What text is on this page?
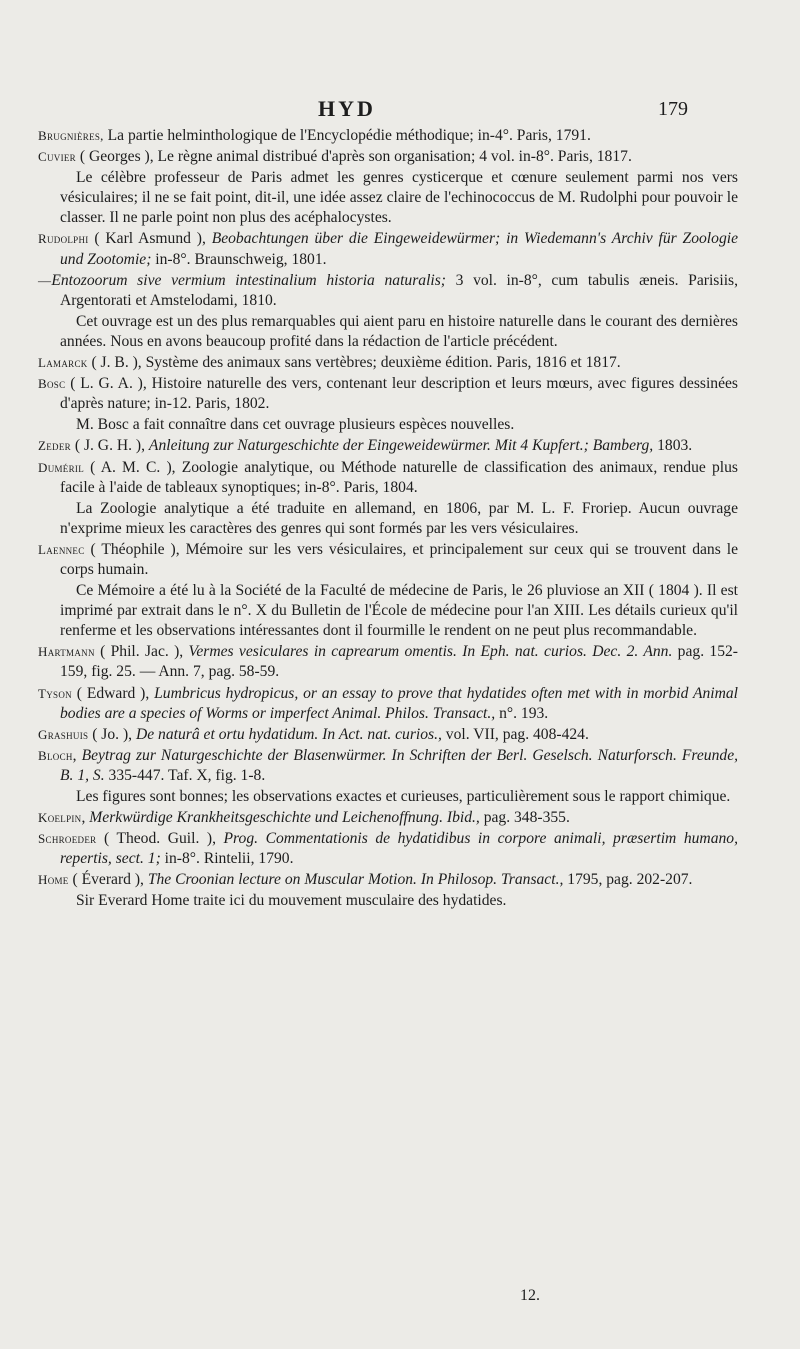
HYD	179

Brugnières, La partie helminthologique de l'Encyclopédie méthodique; in-4°. Paris, 1791.

Cuvier ( Georges ), Le règne animal distribué d'après son organisation; 4 vol. in-8°. Paris, 1817.

Le célèbre professeur de Paris admet les genres cysticerque et cœnure seulement parmi nos vers vésiculaires; il ne se fait point, dit-il, une idée assez claire de l'echinococcus de M. Rudolphi pour pouvoir le classer. Il ne parle point non plus des acéphalocystes.

Rudolphi ( Karl Asmund ), Beobachtungen über die Eingeweidewürmer; in Wiedemann's Archiv für Zoologie und Zootomie; in-8°. Braunschweig, 1801.

—Entozoorum sive vermium intestinalium historia naturalis; 3 vol. in-8°, cum tabulis æneis. Parisiis, Argentorati et Amstelodami, 1810.

Cet ouvrage est un des plus remarquables qui aient paru en histoire naturelle dans le courant des dernières années. Nous en avons beaucoup profité dans la rédaction de l'article précédent.

Lamarck ( J. B. ), Système des animaux sans vertèbres; deuxième édition. Paris, 1816 et 1817.

Bosc ( L. G. A. ), Histoire naturelle des vers, contenant leur description et leurs mœurs, avec figures dessinées d'après nature; in-12. Paris, 1802.

M. Bosc a fait connaître dans cet ouvrage plusieurs espèces nouvelles.

Zeder ( J. G. H. ), Anleitung zur Naturgeschichte der Eingeweidewürmer. Mit 4 Kupfert.; Bamberg, 1803.

Duméril ( A. M. C. ), Zoologie analytique, ou Méthode naturelle de classification des animaux, rendue plus facile à l'aide de tableaux synoptiques; in-8°. Paris, 1804.

La Zoologie analytique a été traduite en allemand, en 1806, par M. L. F. Froriep. Aucun ouvrage n'exprime mieux les caractères des genres qui sont formés par les vers vésiculaires.

Laennec ( Théophile ), Mémoire sur les vers vésiculaires, et principalement sur ceux qui se trouvent dans le corps humain.

Ce Mémoire a été lu à la Société de la Faculté de médecine de Paris, le 26 pluviose an XII ( 1804 ). Il est imprimé par extrait dans le n°. X du Bulletin de l'École de médecine pour l'an XIII. Les détails curieux qu'il renferme et les observations intéressantes dont il fourmille le rendent on ne peut plus recommandable.

Hartmann ( Phil. Jac. ), Vermes vesiculares in caprearum omentis. In Eph. nat. curios. Dec. 2. Ann. pag. 152-159, fig. 25. — Ann. 7, pag. 58-59.

Tyson ( Edward ), Lumbricus hydropicus, or an essay to prove that hydatides often met with in morbid Animal bodies are a species of Worms or imperfect Animal. Philos. Transact., n°. 193.

Grashuis ( Jo. ), De naturâ et ortu hydatidum. In Act. nat. curios., vol. VII, pag. 408-424.

Bloch, Beytrag zur Naturgeschichte der Blasenwürmer. In Schriften der Berl. Geselsch. Naturforsch. Freunde, B. 1, S. 335-447. Taf. X, fig. 1-8.

Les figures sont bonnes; les observations exactes et curieuses, particulièrement sous le rapport chimique.

Koelpin, Merkwürdige Krankheitsgeschichte und Leichenoffnung. Ibid., pag. 348-355.

Schroeder ( Theod. Guil. ), Prog. Commentationis de hydatidibus in corpore animali, præsertim humano, repertis, sect. 1; in-8°. Rintelii, 1790.

Home ( Éverard ), The Croonian lecture on Muscular Motion. In Philosop. Transact., 1795, pag. 202-207.

Sir Everard Home traite ici du mouvement musculaire des hydatides.

12.
